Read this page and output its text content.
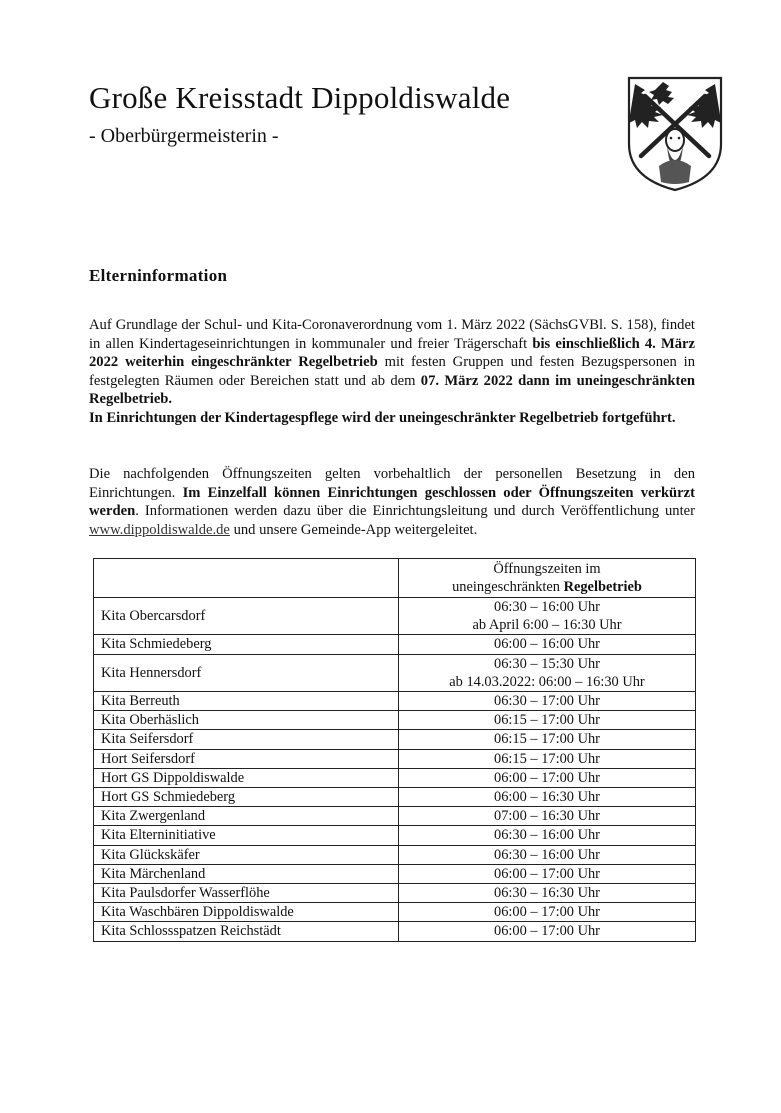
Große Kreisstadt Dippoldiswalde
- Oberbürgermeisterin -
Elterninformation

Auf Grundlage der Schul- und Kita-Coronaverordnung vom 1. März 2022 (SächsGVBl. S. 158), findet in allen Kindertageseinrichtungen in kommunaler und freier Trägerschaft bis einschließlich 4. März 2022 weiterhin eingeschränkter Regelbetrieb mit festen Gruppen und festen Bezugspersonen in festgelegten Räumen oder Bereichen statt und ab dem 07. März 2022 dann im uneingeschränkten Regelbetrieb.
In Einrichtungen der Kindertagespflege wird der uneingeschränkter Regelbetrieb fortgeführt.

Die nachfolgenden Öffnungszeiten gelten vorbehaltlich der personellen Besetzung in den Einrichtungen. Im Einzelfall können Einrichtungen geschlossen oder Öffnungszeiten verkürzt werden. Informationen werden dazu über die Einrichtungsleitung und durch Veröffentlichung unter www.dippoldiswalde.de und unsere Gemeinde-App weitergeleitet.

	Öffnungszeiten im
uneingeschränkten Regelbetrieb
Kita Obercarsdorf	06:30 – 16:00 Uhr
ab April 6:00 – 16:30 Uhr
Kita Schmiedeberg	06:00 – 16:00 Uhr
Kita Hennersdorf	06:30 – 15:30 Uhr
ab 14.03.2022: 06:00 – 16:30 Uhr
Kita Berreuth	06:30 – 17:00 Uhr
Kita Oberhäslich	06:15 – 17:00 Uhr
Kita Seifersdorf	06:15 – 17:00 Uhr
Hort Seifersdorf	06:15 – 17:00 Uhr
Hort GS Dippoldiswalde	06:00 – 17:00 Uhr
Hort GS Schmiedeberg	06:00 – 16:30 Uhr
Kita Zwergenland	07:00 – 16:30 Uhr
Kita Elterninitiative	06:30 – 16:00 Uhr
Kita Glückskäfer	06:30 – 16:00 Uhr
Kita Märchenland	06:00 – 17:00 Uhr
Kita Paulsdorfer Wasserflöhe	06:30 – 16:30 Uhr
Kita Waschbären Dippoldiswalde	06:00 – 17:00 Uhr
Kita Schlossspatzen Reichstädt	06:00 – 17:00 Uhr
